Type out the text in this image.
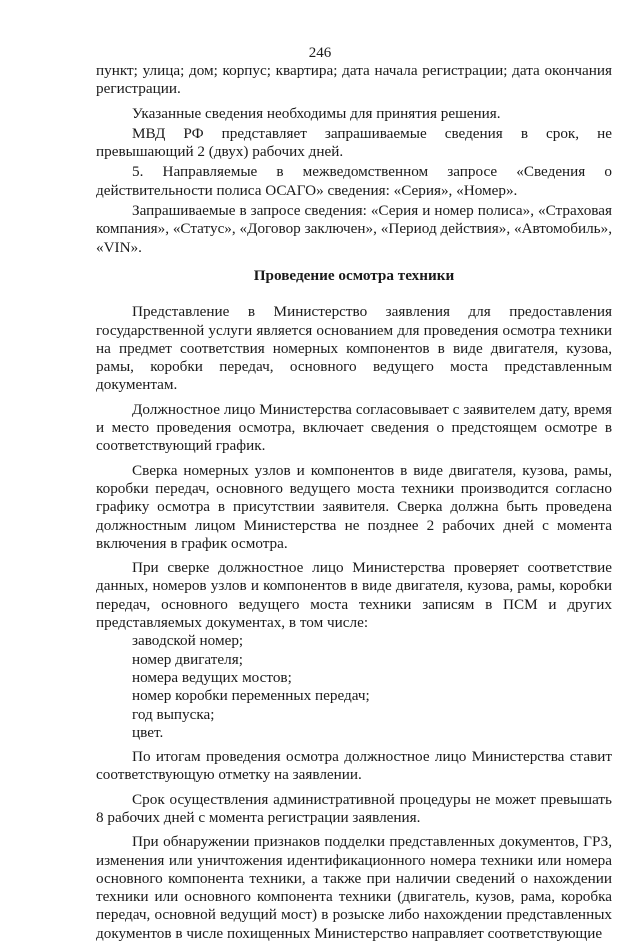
246

пункт; улица; дом; корпус; квартира; дата начала регистрации; дата окончания регистрации.

Указанные сведения необходимы для принятия решения.

МВД РФ представляет запрашиваемые сведения в срок, не превышающий 2 (двух) рабочих дней.

5. Направляемые в межведомственном запросе «Сведения о действительности полиса ОСАГО» сведения: «Серия», «Номер».

Запрашиваемые в запросе сведения: «Серия и номер полиса», «Страховая компания», «Статус», «Договор заключен», «Период действия», «Автомобиль», «VIN».

Проведение осмотра техники

Представление в Министерство заявления для предоставления государственной услуги является основанием для проведения осмотра техники на предмет соответствия номерных компонентов в виде двигателя, кузова, рамы, коробки передач, основного ведущего моста представленным документам.

Должностное лицо Министерства согласовывает с заявителем дату, время и место проведения осмотра, включает сведения о предстоящем осмотре в соответствующий график.

Сверка номерных узлов и компонентов в виде двигателя, кузова, рамы, коробки передач, основного ведущего моста техники производится согласно графику осмотра в присутствии заявителя. Сверка должна быть проведена должностным лицом Министерства не позднее 2 рабочих дней с момента включения в график осмотра.

При сверке должностное лицо Министерства проверяет соответствие данных, номеров узлов и компонентов в виде двигателя, кузова, рамы, коробки передач, основного ведущего моста техники записям в ПСМ и других представляемых документах, в том числе:

заводской номер;
номер двигателя;
номера ведущих мостов;
номер коробки переменных передач;
год выпуска;
цвет.

По итогам проведения осмотра должностное лицо Министерства ставит соответствующую отметку на заявлении.

Срок осуществления административной процедуры не может превышать 8 рабочих дней с момента регистрации заявления.

При обнаружении признаков подделки представленных документов, ГРЗ, изменения или уничтожения идентификационного номера техники или номера основного компонента техники, а также при наличии сведений о нахождении техники или основного компонента техники (двигатель, кузов, рама, коробка передач, основной ведущий мост) в розыске либо нахождении представленных документов в числе похищенных Министерство направляет соответствующие
